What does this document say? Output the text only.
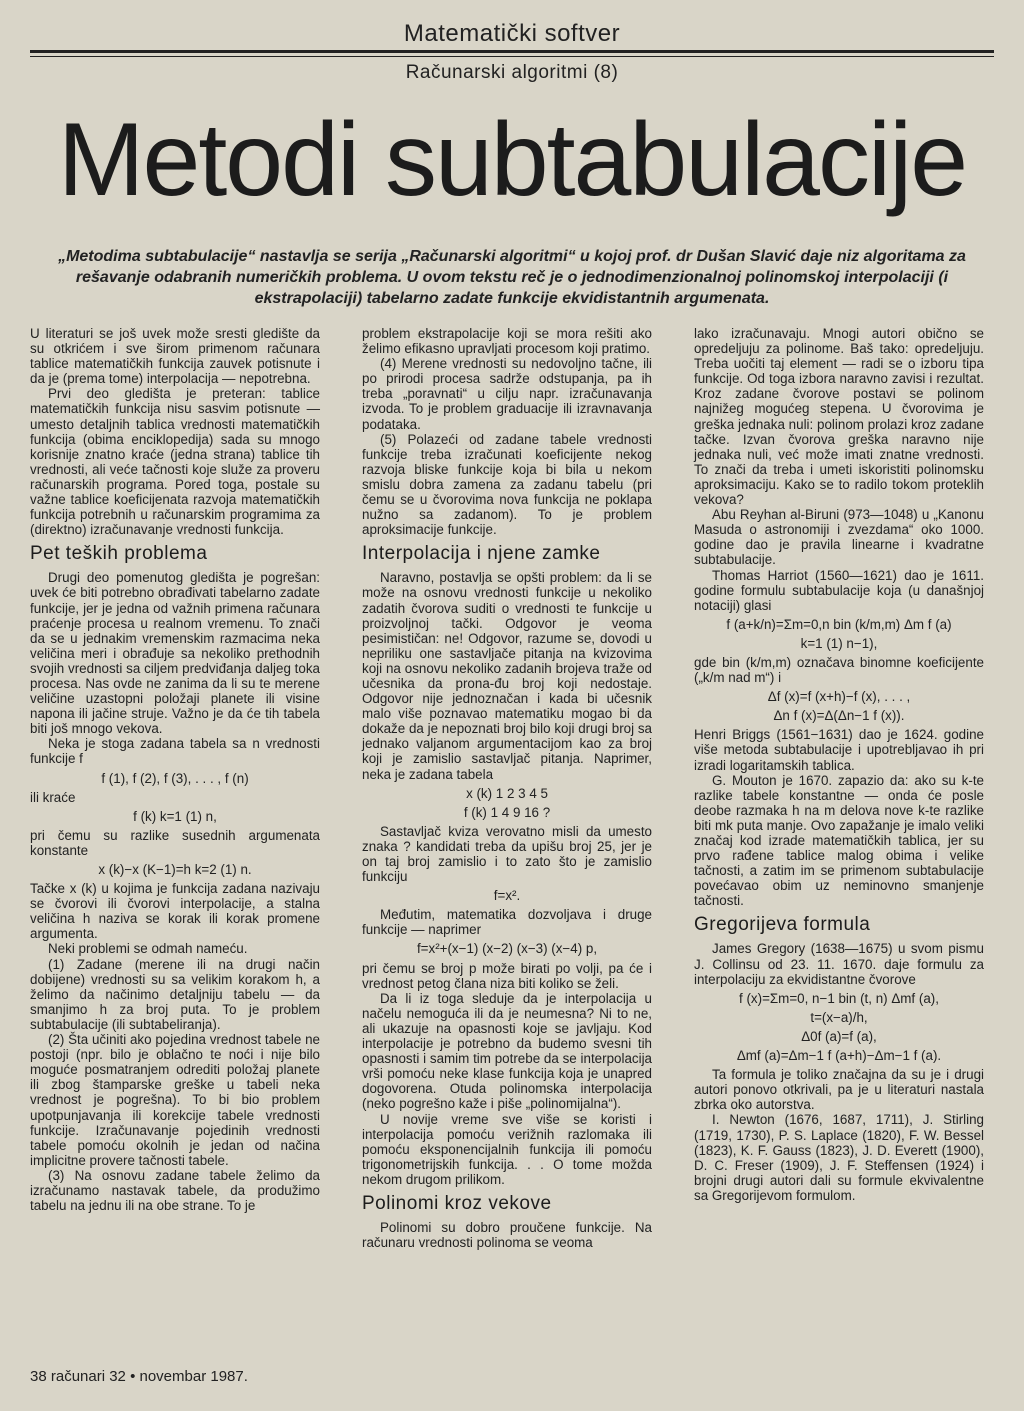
Matematički softver
Računarski algoritmi (8)
Metodi subtabulacije
„Metodima subtabulacije“ nastavlja se serija „Računarski algoritmi“ u kojoj prof. dr Dušan Slavić daje niz algoritama za rešavanje odabranih numeričkih problema. U ovom tekstu reč je o jednodimenzionalnoj polinomskoj interpolaciji (i ekstrapolaciji) tabelarno zadate funkcije ekvidistantnih argumenata.

U literaturi se još uvek može sresti gledište da su otkrićem i sve širom primenom računara tablice matematičkih funkcija zauvek potisnute i da je (prema tome) interpolacija — nepotrebna.

Prvi deo gledišta je preteran: tablice matematičkih funkcija nisu sasvim potisnute — umesto detaljnih tablica vrednosti matematičkih funkcija (obima enciklopedija) sada su mnogo korisnije znatno kraće (jedna strana) tablice tih vrednosti, ali veće tačnosti koje služe za proveru računarskih programa. Pored toga, postale su važne tablice koeficijenata razvoja matematičkih funkcija potrebnih u računarskim programima za (direktno) izračunavanje vrednosti funkcija.

Pet teških problema

Drugi deo pomenutog gledišta je pogrešan: uvek će biti potrebno obrađivati tabelarno zadate funkcije, jer je jedna od važnih primena računara praćenje procesa u realnom vremenu. To znači da se u jednakim vremenskim razmacima neka veličina meri i obrađuje sa nekoliko prethodnih svojih vrednosti sa ciljem predviđanja daljeg toka procesa. Nas ovde ne zanima da li su te merene veličine uzastopni položaji planete ili visine napona ili jačine struje. Važno je da će tih tabela biti još mnogo vekova.

Neka je stoga zadana tabela sa n vrednosti funkcije f

f (1), f (2), f (3), . . . , f (n)

ili kraće

f (k) k=1 (1) n,

pri čemu su razlike susednih argumenata konstante

x (k)−x (K−1)=h k=2 (1) n.

Tačke x (k) u kojima je funkcija zadana nazivaju se čvorovi ili čvorovi interpolacije, a stalna veličina h naziva se korak ili korak promene argumenta.

Neki problemi se odmah nameću.

(1) Zadane (merene ili na drugi način dobijene) vrednosti su sa velikim korakom h, a želimo da načinimo detaljniju tabelu — da smanjimo h za broj puta. To je problem subtabulacije (ili subtabeliranja).

(2) Šta učiniti ako pojedina vrednost tabele ne postoji (npr. bilo je oblačno te noći i nije bilo moguće posmatranjem odrediti položaj planete ili zbog štamparske greške u tabeli neka vrednost je pogrešna). To bi bio problem upotpunjavanja ili korekcije tabele vrednosti funkcije. Izračunavanje pojedinih vrednosti tabele pomoću okolnih je jedan od načina implicitne provere tačnosti tabele.

(3) Na osnovu zadane tabele želimo da izračunamo nastavak tabele, da produžimo tabelu na jednu ili na obe strane. To je

problem ekstrapolacije koji se mora rešiti ako želimo efikasno upravljati procesom koji pratimo.

(4) Merene vrednosti su nedovoljno tačne, ili po prirodi procesa sadrže odstupanja, pa ih treba „poravnati“ u cilju napr. izračunavanja izvoda. To je problem graduacije ili izravnavanja podataka.

(5) Polazeći od zadane tabele vrednosti funkcije treba izračunati koeficijente nekog razvoja bliske funkcije koja bi bila u nekom smislu dobra zamena za zadanu tabelu (pri čemu se u čvorovima nova funkcija ne poklapa nužno sa zadanom). To je problem aproksimacije funkcije.

Interpolacija i njene zamke

Naravno, postavlja se opšti problem: da li se može na osnovu vrednosti funkcije u nekoliko zadatih čvorova suditi o vrednosti te funkcije u proizvoljnoj tački. Odgovor je veoma pesimističan: ne! Odgovor, razume se, dovodi u nepriliku one sastavljače pitanja na kvizovima koji na osnovu nekoliko zadanih brojeva traže od učesnika da prona-đu broj koji nedostaje. Odgovor nije jednoznačan i kada bi učesnik malo više poznavao matematiku mogao bi da dokaže da je nepoznati broj bilo koji drugi broj sa jednako valjanom argumentacijom kao za broj koji je zamislio sastavljač pitanja. Naprimer, neka je zadana tabela

x (k) 1 2 3 4 5

f (k) 1 4 9 16 ?

Sastavljač kviza verovatno misli da umesto znaka ? kandidati treba da upišu broj 25, jer je on taj broj zamislio i to zato što je zamislio funkciju

f=x².

Međutim, matematika dozvoljava i druge funkcije — naprimer

f=x²+(x−1) (x−2) (x−3) (x−4) p,

pri čemu se broj p može birati po volji, pa će i vrednost petog člana niza biti koliko se želi.

Da li iz toga sleduje da je interpolacija u načelu nemoguća ili da je neumesna? Ni to ne, ali ukazuje na opasnosti koje se javljaju. Kod interpolacije je potrebno da budemo svesni tih opasnosti i samim tim potrebe da se interpolacija vrši pomoću neke klase funkcija koja je unapred dogovorena. Otuda polinomska interpolacija (neko pogrešno kaže i piše „polinomijalna“).

U novije vreme sve više se koristi i interpolacija pomoću verižnih razlomaka ili pomoću eksponencijalnih funkcija ili pomoću trigonometrijskih funkcija. . . O tome možda nekom drugom prilikom.

Polinomi kroz vekove

Polinomi su dobro proučene funkcije. Na računaru vrednosti polinoma se veoma

lako izračunavaju. Mnogi autori obično se opredeljuju za polinome. Baš tako: opredeljuju. Treba uočiti taj element — radi se o izboru tipa funkcije. Od toga izbora naravno zavisi i rezultat. Kroz zadane čvorove postavi se polinom najnižeg mogućeg stepena. U čvorovima je greška jednaka nuli: polinom prolazi kroz zadane tačke. Izvan čvorova greška naravno nije jednaka nuli, već može imati znatne vrednosti. To znači da treba i umeti iskoristiti polinomsku aproksimaciju. Kako se to radilo tokom proteklih vekova?

Abu Reyhan al-Biruni (973—1048) u „Kanonu Masuda o astronomiji i zvezdama“ oko 1000. godine dao je pravila linearne i kvadratne subtabulacije.

Thomas Harriot (1560—1621) dao je 1611. godine formulu subtabulacije koja (u današnjoj notaciji) glasi

f (a+k/n)=Σm=0,n bin (k/m,m) Δm f (a)

k=1 (1) n−1),

gde bin (k/m,m) označava binomne koeficijente („k/m nad m“) i

Δf (x)=f (x+h)−f (x), . . . ,

Δn f (x)=Δ(Δn−1 f (x)).

Henri Briggs (1561−1631) dao je 1624. godine više metoda subtabulacije i upotrebljavao ih pri izradi logaritamskih tablica.

G. Mouton je 1670. zapazio da: ako su k-te razlike tabele konstantne — onda će posle deobe razmaka h na m delova nove k-te razlike biti mk puta manje. Ovo zapažanje je imalo veliki značaj kod izrade matematičkih tablica, jer su prvo rađene tablice malog obima i velike tačnosti, a zatim im se primenom subtabulacije povećavao obim uz neminovno smanjenje tačnosti.

Gregorijeva formula

James Gregory (1638—1675) u svom pismu J. Collinsu od 23. 11. 1670. daje formulu za interpolaciju za ekvidistantne čvorove

f (x)=Σm=0, n−1 bin (t, n) Δmf (a),

t=(x−a)/h,

Δ0f (a)=f (a),

Δmf (a)=Δm−1 f (a+h)−Δm−1 f (a).

Ta formula je toliko značajna da su je i drugi autori ponovo otkrivali, pa je u literaturi nastala zbrka oko autorstva.

I. Newton (1676, 1687, 1711), J. Stirling (1719, 1730), P. S. Laplace (1820), F. W. Bessel (1823), K. F. Gauss (1823), J. D. Everett (1900), D. C. Freser (1909), J. F. Steffensen (1924) i brojni drugi autori dali su formule ekvivalentne sa Gregorijevom formulom.

38 računari 32 • novembar 1987.
